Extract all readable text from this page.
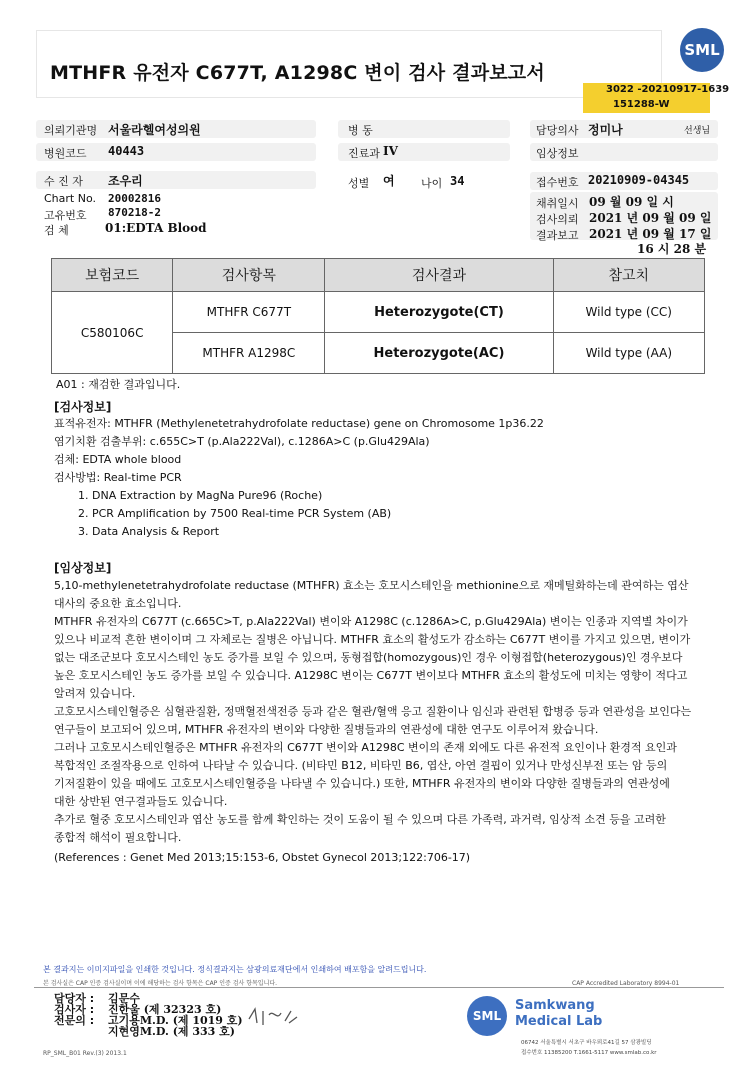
MTHFR 유전자 C677T, A1298C 변이 검사 결과보고서
SML
3022 -20210917-1639
151288-W
의뢰기관명 서울라헬여성의원	병 동	담당의사 정미나	선생님
병원코드 40443	진료과 IV	임상정보
수 진 자 조우리	성별 여 나이 34	접수번호 20210909-04345
Chart No. 20002816
고유번호 870218-2
검 체	01:EDTA Blood
채취일시 09 월 09 일 시
검사의뢰 2021 년 09 월 09 일
결과보고 2021 년 09 월 17 일
16 시 28 분
보험코드	검사항목	검사결과	참고치
C580106C	MTHFR C677T	Heterozygote(CT)	Wild type (CC)
	MTHFR A1298C	Heterozygote(AC)	Wild type (AA)
A01 : 재검한 결과입니다.
[검사정보]
표적유전자: MTHFR (Methylenetetrahydrofolate reductase) gene on Chromosome 1p36.22
염기치환 검출부위: c.655C>T (p.Ala222Val), c.1286A>C (p.Glu429Ala)
검체: EDTA whole blood
검사방법: Real-time PCR
1. DNA Extraction by MagNa Pure96 (Roche)
2. PCR Amplification by 7500 Real-time PCR System (AB)
3. Data Analysis & Report
[임상정보]
5,10-methylenetetrahydrofolate reductase (MTHFR) 효소는 호모시스테인을 methionine으로 재메틸화하는데 관여하는 엽산
대사의 중요한 효소입니다.
MTHFR 유전자의 C677T (c.665C>T, p.Ala222Val) 변이와 A1298C (c.1286A>C, p.Glu429Ala) 변이는 인종과 지역별 차이가
있으나 비교적 흔한 변이이며 그 자체로는 질병은 아닙니다. MTHFR 효소의 활성도가 감소하는 C677T 변이를 가지고 있으면, 변이가
없는 대조군보다 호모시스테인 농도 증가를 보일 수 있으며, 동형접합(homozygous)인 경우 이형접합(heterozygous)인 경우보다
높은 호모시스테인 농도 증가를 보일 수 있습니다. A1298C 변이는 C677T 변이보다 MTHFR 효소의 활성도에 미치는 영향이 적다고
알려져 있습니다.
고호모시스테인혈증은 심혈관질환, 정맥혈전색전증 등과 같은 혈관/혈액 응고 질환이나 임신과 관련된 합병증 등과 연관성을 보인다는
연구들이 보고되어 있으며, MTHFR 유전자의 변이와 다양한 질병들과의 연관성에 대한 연구도 이루어져 왔습니다.
그러나 고호모시스테인혈증은 MTHFR 유전자의 C677T 변이와 A1298C 변이의 존재 외에도 다른 유전적 요인이나 환경적 요인과
복합적인 조절작용으로 인하여 나타날 수 있습니다. (비타민 B12, 비타민 B6, 엽산, 아연 결핍이 있거나 만성신부전 또는 암 등의
기저질환이 있을 때에도 고호모시스테인혈증을 나타낼 수 있습니다.) 또한, MTHFR 유전자의 변이와 다양한 질병들과의 연관성에
대한 상반된 연구결과들도 있습니다.
추가로 혈중 호모시스테인과 엽산 농도를 함께 확인하는 것이 도움이 될 수 있으며 다른 가족력, 과거력, 임상적 소견 등을 고려한
종합적 해석이 필요합니다.
(References : Genet Med 2013;15:153-6, Obstet Gynecol 2013;122:706-17)
본 결과지는 이미지파일을 인쇄한 것입니다. 정식결과지는 삼광의료재단에서 인쇄하여 배포함을 알려드립니다.
본 검사실은 CAP 인증 검사실이며 이에 해당하는 검사 항목은 CAP 인증 검사 항목입니다.	CAP Accredited Laboratory 8994-01
담당자 : 김문수
검사자 : 진한울 (제 32323 호)
전문의 : 고기용M.D. (제 1019 호)
지현영M.D. (제 333 호)
RP_SML_B01 Rev.(3) 2013.1
SML
Samkwang
Medical Lab
06742 서울특별시 서초구 바우뫼로41길 57 삼광빌딩
접수번호 11385200 T.1661-5117 www.smlab.co.kr
